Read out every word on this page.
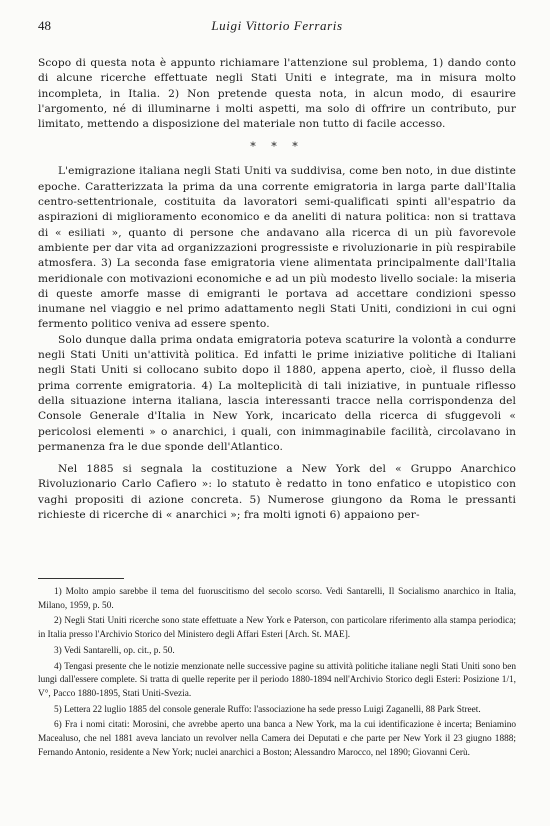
48	Luigi Vittorio Ferraris

Scopo di questa nota è appunto richiamare l'attenzione sul problema, 1) dando conto di alcune ricerche effettuate negli Stati Uniti e integrate, ma in misura molto incompleta, in Italia. 2) Non pretende questa nota, in alcun modo, di esaurire l'argomento, né di illuminarne i molti aspetti, ma solo di offrire un contributo, pur limitato, mettendo a disposizione del materiale non tutto di facile accesso.

* * *

L'emigrazione italiana negli Stati Uniti va suddivisa, come ben noto, in due distinte epoche. Caratterizzata la prima da una corrente emigratoria in larga parte dall'Italia centro-settentrionale, costituita da lavoratori semi-qualificati spinti all'espatrio da aspirazioni di miglioramento economico e da aneliti di natura politica: non si trattava di « esiliati », quanto di persone che andavano alla ricerca di un più favorevole ambiente per dar vita ad organizzazioni progressiste e rivoluzionarie in più respirabile atmosfera. 3) La seconda fase emigratoria viene alimentata principalmente dall'Italia meridionale con motivazioni economiche e ad un più modesto livello sociale: la miseria di queste amorfe masse di emigranti le portava ad accettare condizioni spesso inumane nel viaggio e nel primo adattamento negli Stati Uniti, condizioni in cui ogni fermento politico veniva ad essere spento.

Solo dunque dalla prima ondata emigratoria poteva scaturire la volontà a condurre negli Stati Uniti un'attività politica. Ed infatti le prime iniziative politiche di Italiani negli Stati Uniti si collocano subito dopo il 1880, appena aperto, cioè, il flusso della prima corrente emigratoria. 4) La molteplicità di tali iniziative, in puntuale riflesso della situazione interna italiana, lascia interessanti tracce nella corrispondenza del Console Generale d'Italia in New York, incaricato della ricerca di sfuggevoli « pericolosi elementi » o anarchici, i quali, con inimmaginabile facilità, circolavano in permanenza fra le due sponde dell'Atlantico.

Nel 1885 si segnala la costituzione a New York del « Gruppo Anarchico Rivoluzionario Carlo Cafiero »: lo statuto è redatto in tono enfatico e utopistico con vaghi propositi di azione concreta. 5) Numerose giungono da Roma le pressanti richieste di ricerche di « anarchici »; fra molti ignoti 6) appaiono per-

1) Molto ampio sarebbe il tema del fuoruscitismo del secolo scorso. Vedi Santarelli, Il Socialismo anarchico in Italia, Milano, 1959, p. 50.
2) Negli Stati Uniti ricerche sono state effettuate a New York e Paterson, con particolare riferimento alla stampa periodica; in Italia presso l'Archivio Storico del Ministero degli Affari Esteri [Arch. St. MAE].
3) Vedi Santarelli, op. cit., p. 50.
4) Tengasi presente che le notizie menzionate nelle successive pagine su attività politiche italiane negli Stati Uniti sono ben lungi dall'essere complete. Si tratta di quelle reperite per il periodo 1880-1894 nell'Archivio Storico degli Esteri: Posizione 1/1, V°, Pacco 1880-1895, Stati Uniti-Svezia.
5) Lettera 22 luglio 1885 del console generale Ruffo: l'associazione ha sede presso Luigi Zaganelli, 88 Park Street.
6) Fra i nomi citati: Morosini, che avrebbe aperto una banca a New York, ma la cui identificazione è incerta; Beniamino Macealuso, che nel 1881 aveva lanciato un revolver nella Camera dei Deputati e che parte per New York il 23 giugno 1888; Fernando Antonio, residente a New York; nuclei anarchici a Boston; Alessandro Marocco, nel 1890; Giovanni Cerù.
